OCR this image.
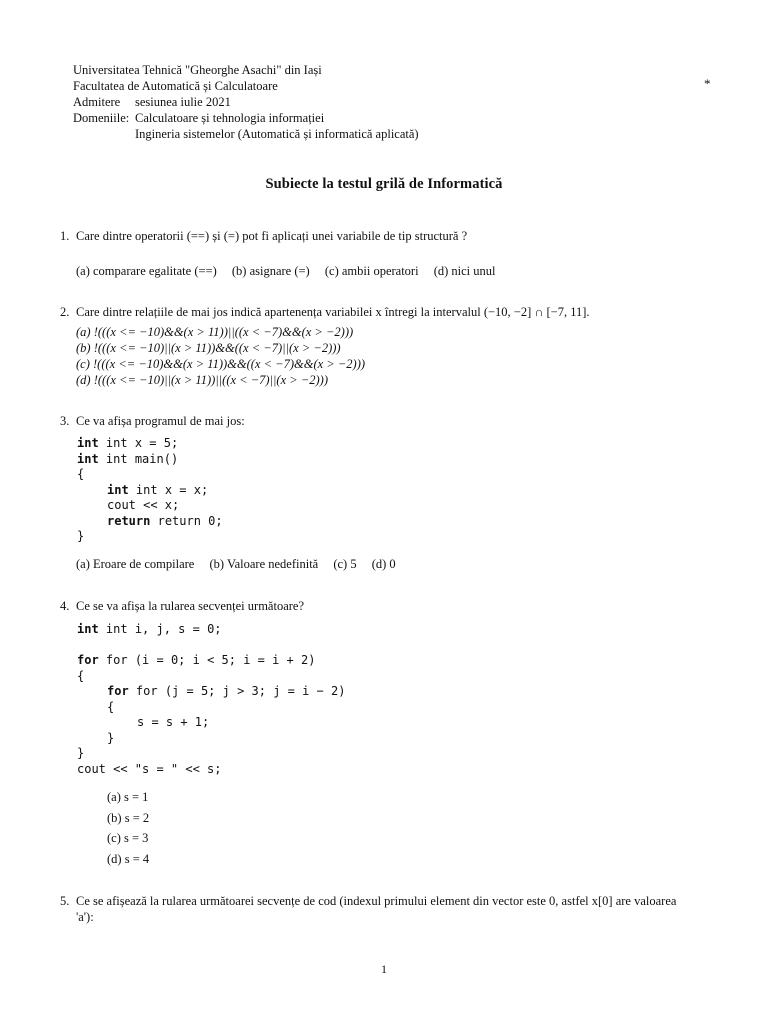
Universitatea Tehnică "Gheorghe Asachi" din Iași
Facultatea de Automatică și Calculatoare
Admitere sesiunea iulie 2021
Domeniile: Calculatoare și tehnologia informației
Ingineria sistemelor (Automatică și informatică aplicată)
*
Subiecte la testul grilă de Informatică
1. Care dintre operatorii (==) și (=) pot fi aplicați unei variabile de tip structură ?
(a) comparare egalitate (==) (b) asignare (=) (c) ambii operatori (d) nici unul
2. Care dintre relațiile de mai jos indică apartenența variabilei x întregi la intervalul (−10, −2] ∩ [−7, 11].
(a) !(((x <= −10)&&(x > 11))||((x < −7)&&(x > −2)))
(b) !(((x <= −10)||(x > 11))&&((x < −7)||(x > −2)))
(c) !(((x <= −10)&&(x > 11))&&((x < −7)&&(x > −2)))
(d) !(((x <= −10)||(x > 11))||((x < −7)||(x > −2)))
3. Ce va afișa programul de mai jos:
int int x = 5;
int int main()
{
int int x = x;
cout << x;
return return 0;
}
(a) Eroare de compilare (b) Valoare nedefinită (c) 5 (d) 0
4. Ce se va afișa la rularea secvenței următoare?
int int i, j, s = 0;
for for (i = 0; i < 5; i = i + 2)
{
for for (j = 5; j > 3; j = i − 2)
{
s = s + 1;
}
}
cout << "s = " << s;
(a) s = 1
(b) s = 2
(c) s = 3
(d) s = 4
5. Ce se afișează la rularea următoarei secvențe de cod (indexul primului element din vector este 0, astfel x[0] are valoarea
'a'):
1
